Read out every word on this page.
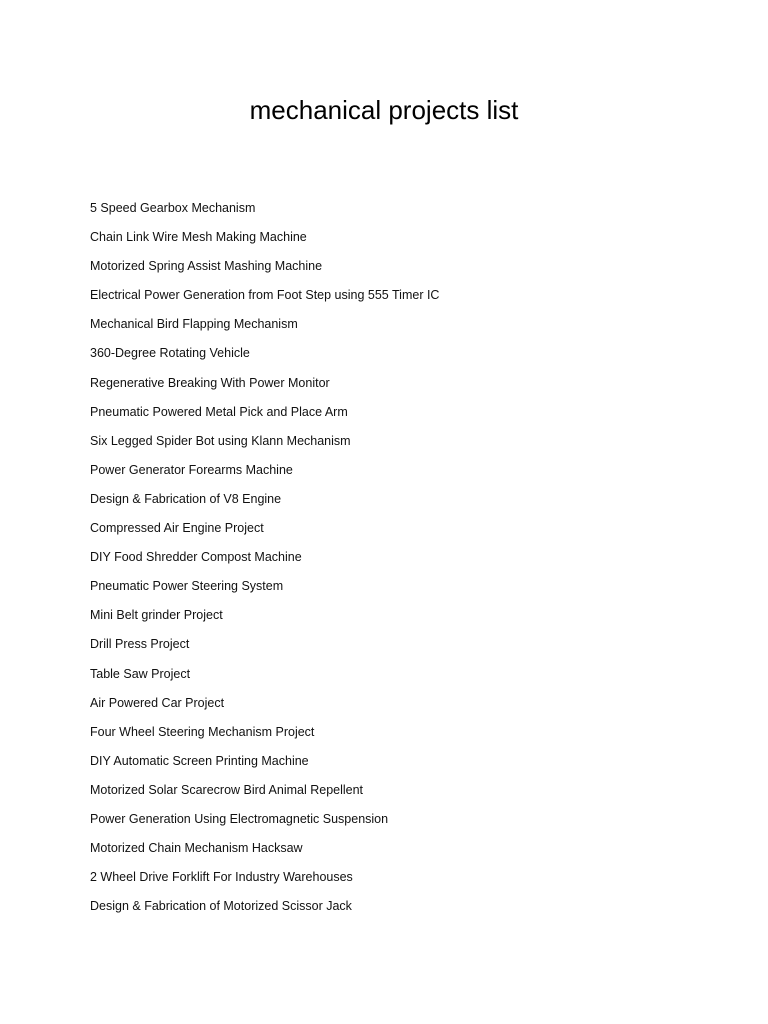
mechanical projects list
5 Speed Gearbox Mechanism
Chain Link Wire Mesh Making Machine
Motorized Spring Assist Mashing Machine
Electrical Power Generation from Foot Step using 555 Timer IC
Mechanical Bird Flapping Mechanism
360-Degree Rotating Vehicle
Regenerative Breaking With Power Monitor
Pneumatic Powered Metal Pick and Place Arm
Six Legged Spider Bot using Klann Mechanism
Power Generator Forearms Machine
Design & Fabrication of V8 Engine
Compressed Air Engine Project
DIY Food Shredder Compost Machine
Pneumatic Power Steering System
Mini Belt grinder Project
Drill Press Project
Table Saw Project
Air Powered Car Project
Four Wheel Steering Mechanism Project
DIY Automatic Screen Printing Machine
Motorized Solar Scarecrow Bird Animal Repellent
Power Generation Using Electromagnetic Suspension
Motorized Chain Mechanism Hacksaw
2 Wheel Drive Forklift For Industry Warehouses
Design & Fabrication of Motorized Scissor Jack
